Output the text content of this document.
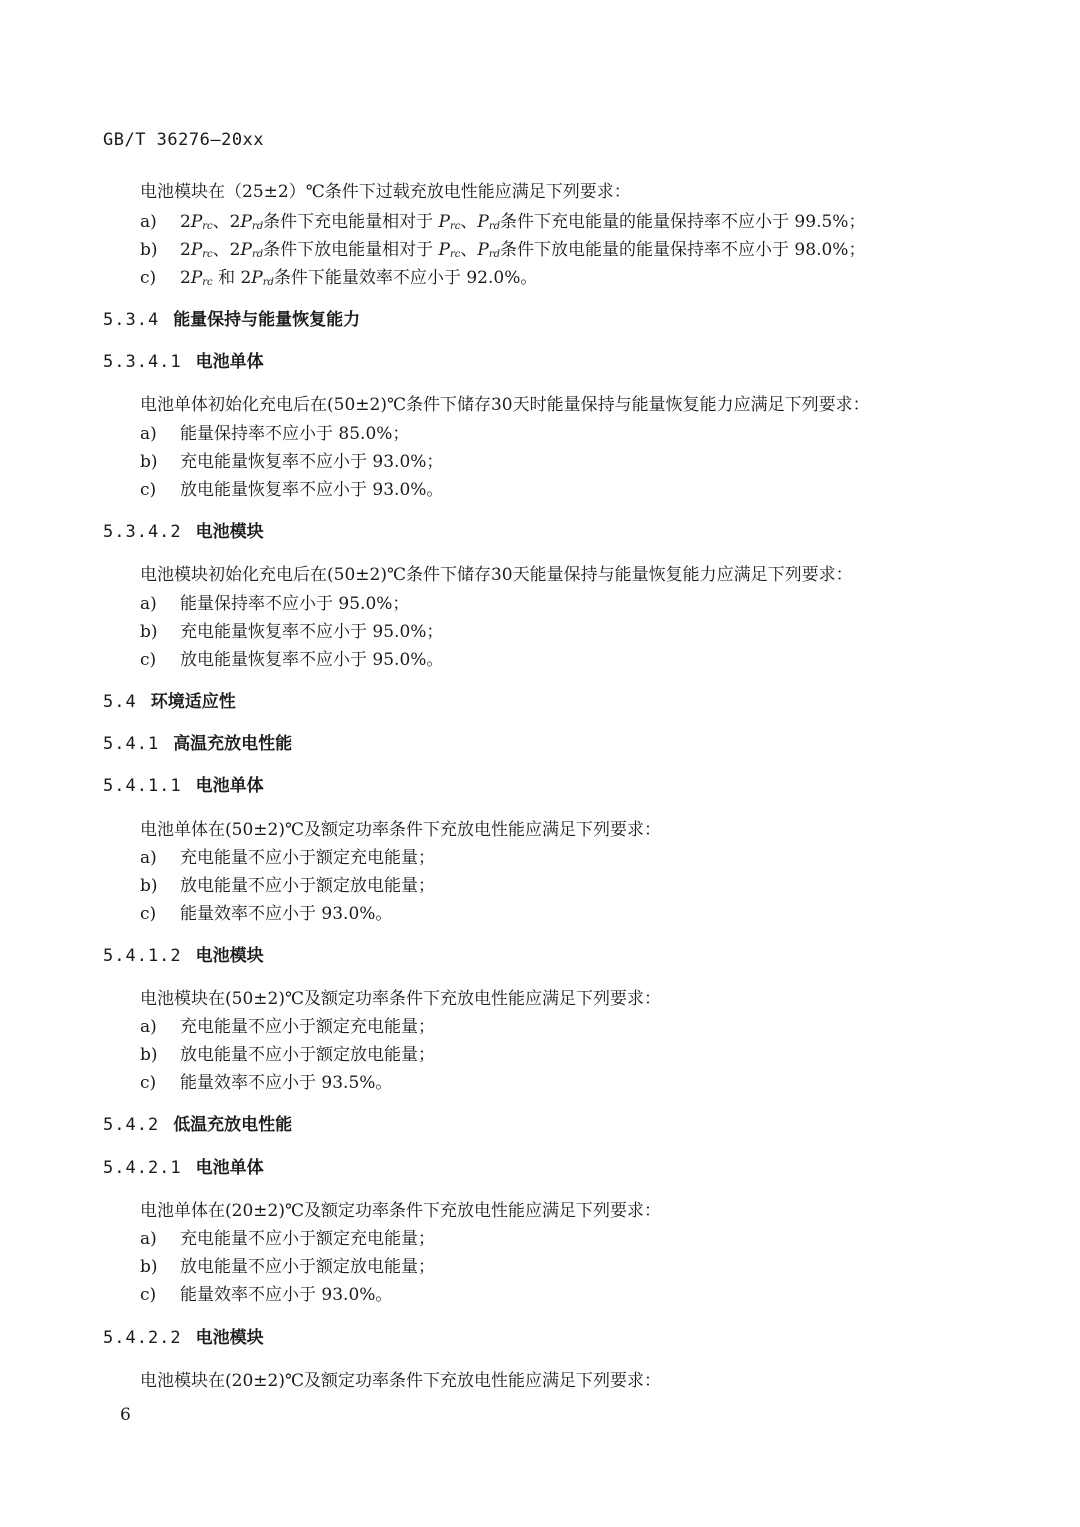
GB/T 36276—20xx
电池模块在（25±2）℃条件下过载充放电性能应满足下列要求：
a) $2P_{rc}$、$2P_{rd}$条件下充电能量相对于 $P_{rc}$、$P_{rd}$条件下充电能量的能量保持率不应小于 99.5%；
b) $2P_{rc}$、$2P_{rd}$条件下放电能量相对于 $P_{rc}$、$P_{rd}$条件下放电能量的能量保持率不应小于 98.0%；
c) $2P_{rc}$ 和 $2P_{rd}$条件下能量效率不应小于 92.0%。
5.3.4 能量保持与能量恢复能力
5.3.4.1 电池单体
电池单体初始化充电后在(50±2)℃条件下储存30天时能量保持与能量恢复能力应满足下列要求：
a) 能量保持率不应小于 85.0%；
b) 充电能量恢复率不应小于 93.0%；
c) 放电能量恢复率不应小于 93.0%。
5.3.4.2 电池模块
电池模块初始化充电后在(50±2)℃条件下储存30天能量保持与能量恢复能力应满足下列要求：
a) 能量保持率不应小于 95.0%；
b) 充电能量恢复率不应小于 95.0%；
c) 放电能量恢复率不应小于 95.0%。
5.4 环境适应性
5.4.1 高温充放电性能
5.4.1.1 电池单体
电池单体在(50±2)℃及额定功率条件下充放电性能应满足下列要求：
a) 充电能量不应小于额定充电能量；
b) 放电能量不应小于额定放电能量；
c) 能量效率不应小于 93.0%。
5.4.1.2 电池模块
电池模块在(50±2)℃及额定功率条件下充放电性能应满足下列要求：
a) 充电能量不应小于额定充电能量；
b) 放电能量不应小于额定放电能量；
c) 能量效率不应小于 93.5%。
5.4.2 低温充放电性能
5.4.2.1 电池单体
电池单体在(20±2)℃及额定功率条件下充放电性能应满足下列要求：
a) 充电能量不应小于额定充电能量；
b) 放电能量不应小于额定放电能量；
c) 能量效率不应小于 93.0%。
5.4.2.2 电池模块
电池模块在(20±2)℃及额定功率条件下充放电性能应满足下列要求：
6
